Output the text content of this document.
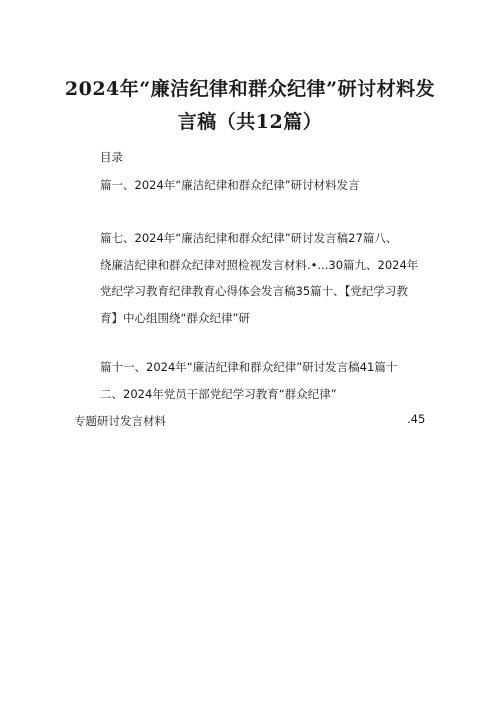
2024年“廉洁纪律和群众纪律”研讨材料发
言稿（共12篇）
目录
篇一、2024年“廉洁纪律和群众纪律”研讨材料发言
篇七、2024年“廉洁纪律和群众纪律”研讨发言稿27篇八、
绕廉洁纪律和群众纪律对照检视发言材料.•...30篇九、2024年
党纪学习教育纪律教育心得体会发言稿35篇十、【党纪学习教
育】中心组围绕“群众纪律”研
篇十一、2024年“廉洁纪律和群众纪律”研讨发言稿41篇十
二、2024年党员干部党纪学习教育“群众纪律”
专题研讨发言材料	.45
